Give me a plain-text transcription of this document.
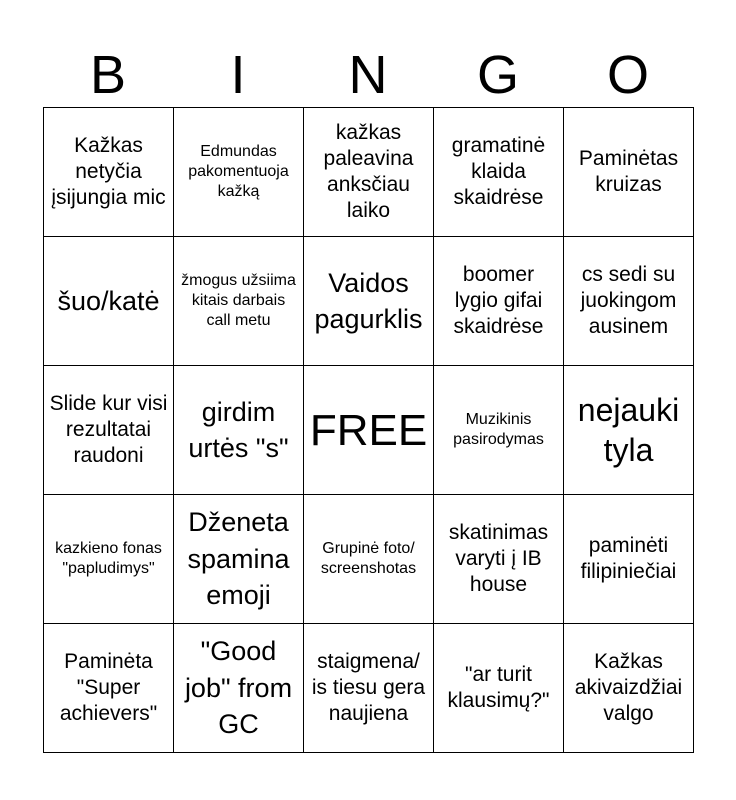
B	I	N	G	O
Kažkas netyčia įsijungia mic	Edmundas pakomentuoja kažką	kažkas paleavina anksčiau laiko	gramatinė klaida skaidrėse	Paminėtas kruizas
šuo/katė	žmogus užsiima kitais darbais call metu	Vaidos pagurklis	boomer lygio gifai skaidrėse	cs sedi su juokingom ausinem
Slide kur visi rezultatai raudoni	girdim urtės "s"	FREE	Muzikinis pasirodymas	nejauki tyla
kazkieno fonas "papludimys"	Dženeta spamina emoji	Grupinė foto/ screenshotas	skatinimas varyti į IB house	paminėti filipiniečiai
Paminėta "Super achievers"	"Good job" from GC	staigmena/ is tiesu gera naujiena	"ar turit klausimų?"	Kažkas akivaizdžiai valgo
